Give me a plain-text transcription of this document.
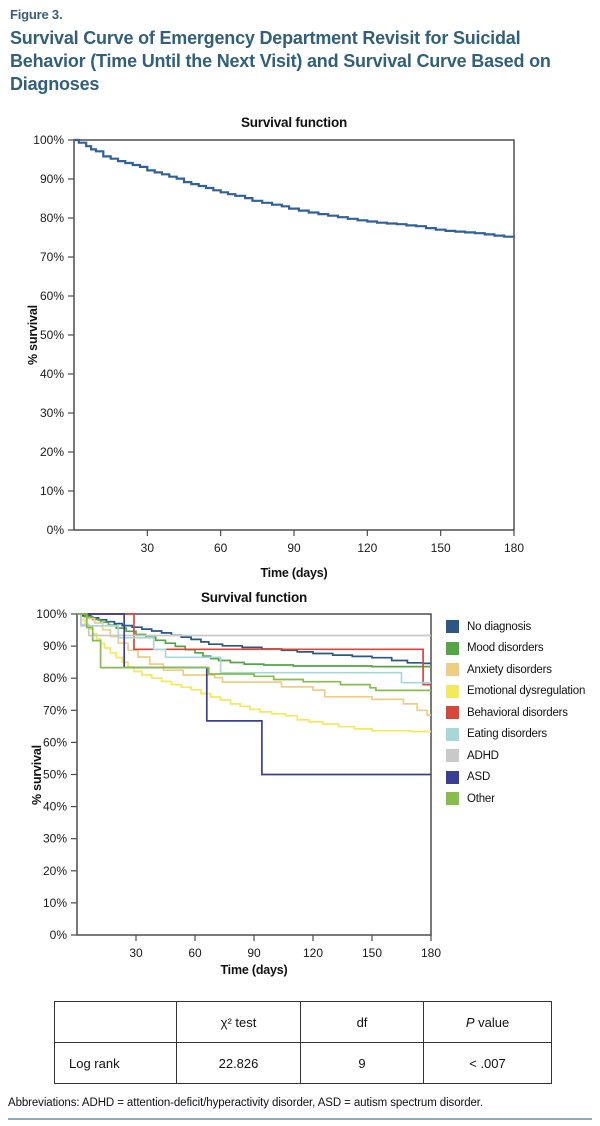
Figure 3.
Survival Curve of Emergency Department Revisit for Suicidal Behavior (Time Until the Next Visit) and Survival Curve Based on Diagnoses
Survival function
0%
10%
20%
30%
40%
50%
60%
70%
80%
90%
100%
30	60	90	120	150	180
% survival
Time (days)
Survival function
0%
10%
20%
30%
40%
50%
60%
70%
80%
90%
100%
30	60	90	120	150	180
% survival
Time (days)
No diagnosis
Mood disorders
Anxiety disorders
Emotional dysregulation
Behavioral disorders
Eating disorders
ADHD
ASD
Other
	χ² test	df	P value
Log rank	22.826	9	< .007
Abbreviations: ADHD = attention-deficit/hyperactivity disorder, ASD = autism spectrum disorder.
